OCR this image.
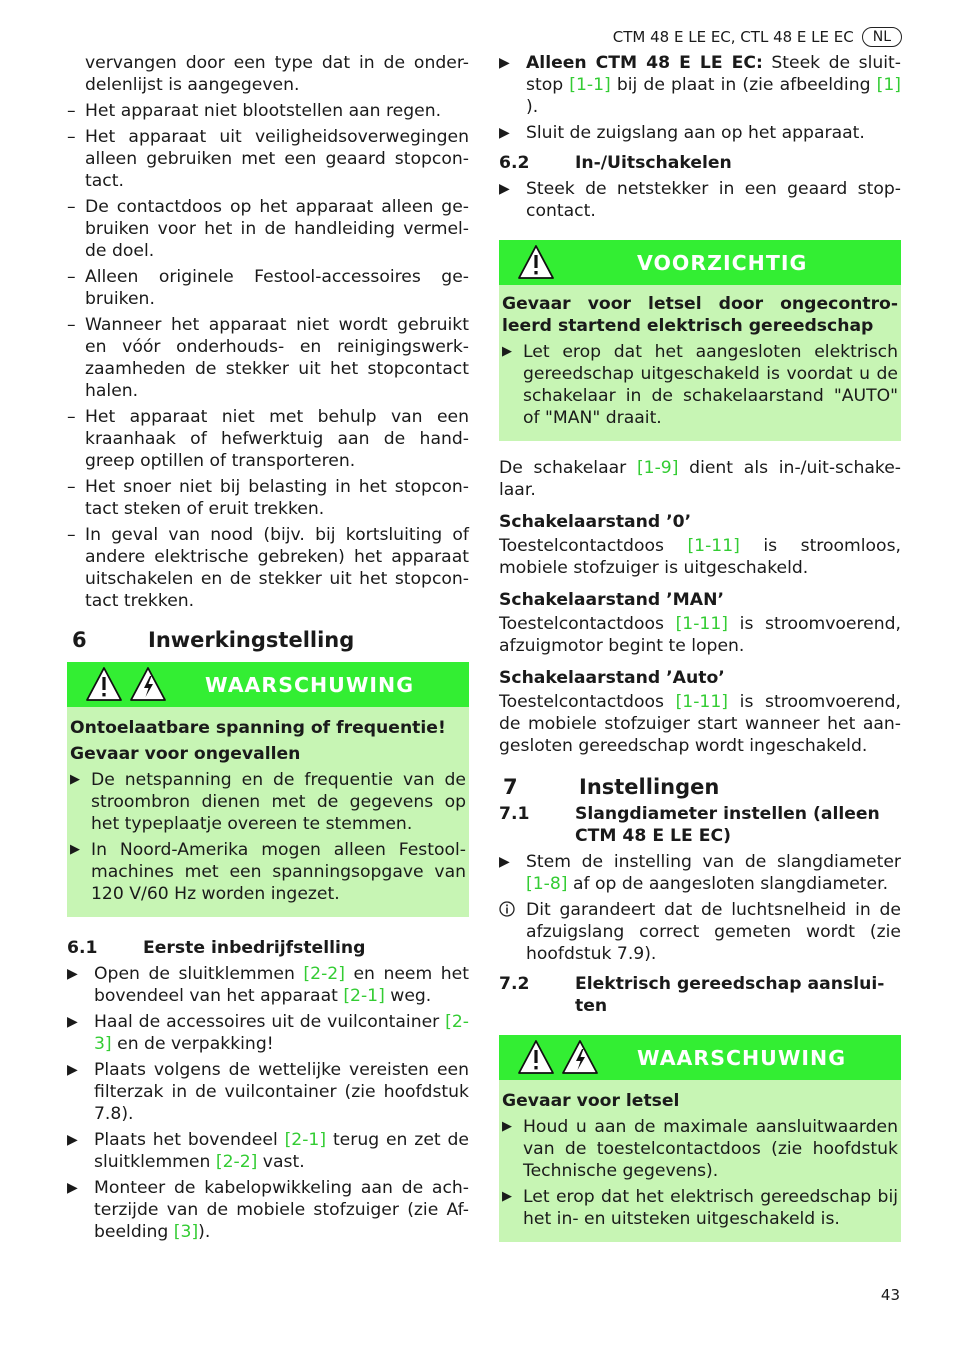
CTM 48 E LE EC, CTL 48 E LE EC	NL
vervangen door een type dat in de onder-delenlijst is aangegeven.
– Het apparaat niet blootstellen aan regen.
– Het apparaat uit veiligheidsoverwegingen alleen gebruiken met een geaard stopcon-tact.
– De contactdoos op het apparaat alleen ge-bruiken voor het in de handleiding vermel-de doel.
– Alleen originele Festool-accessoires ge-bruiken.
– Wanneer het apparaat niet wordt gebruikt en vóór onderhouds- en reinigingswerk-zaamheden de stekker uit het stopcontact halen.
– Het apparaat niet met behulp van een kraanhaak of hefwerktuig aan de hand-greep optillen of transporteren.
– Het snoer niet bij belasting in het stopcon-tact steken of eruit trekken.
– In geval van nood (bijv. bij kortsluiting of andere elektrische gebreken) het apparaat uitschakelen en de stekker uit het stopcon-tact trekken.
6	Inwerkingstelling
WAARSCHUWING
Ontoelaatbare spanning of frequentie!
Gevaar voor ongevallen
▶ De netspanning en de frequentie van de stroombron dienen met de gegevens op het typeplaatje overeen te stemmen.
▶ In Noord-Amerika mogen alleen Festool-machines met een spanningsopgave van 120 V/60 Hz worden ingezet.
6.1	Eerste inbedrijfstelling
▶ Open de sluitklemmen [2-2] en neem het bovendeel van het apparaat [2-1] weg.
▶ Haal de accessoires uit de vuilcontainer [2-3] en de verpakking!
▶ Plaats volgens de wettelijke vereisten een filterzak in de vuilcontainer (zie hoofdstuk 7.8).
▶ Plaats het bovendeel [2-1] terug en zet de sluitklemmen [2-2] vast.
▶ Monteer de kabelopwikkeling aan de ach-terzijde van de mobiele stofzuiger (zie Af-beelding [3]).
▶ Alleen CTM 48 E LE EC: Steek de sluit-stop [1-1] bij de plaat in (zie afbeelding [1] ).
▶ Sluit de zuigslang aan op het apparaat.
6.2	In-/Uitschakelen
▶ Steek de netstekker in een geaard stop-contact.
VOORZICHTIG
Gevaar voor letsel door ongecontro-leerd startend elektrisch gereedschap
▶ Let erop dat het aangesloten elektrisch gereedschap uitgeschakeld is voordat u de schakelaar in de schakelaarstand "AUTO" of "MAN" draait.

De schakelaar [1-9] dient als in-/uit-schake-laar.

Schakelaarstand ’0’

Toestelcontactdoos [1-11] is stroomloos, mobiele stofzuiger is uitgeschakeld.

Schakelaarstand ’MAN’

Toestelcontactdoos [1-11] is stroomvoerend, afzuigmotor begint te lopen.

Schakelaarstand ’Auto’

Toestelcontactdoos [1-11] is stroomvoerend, de mobiele stofzuiger start wanneer het aan-gesloten gereedschap wordt ingeschakeld.

7	Instellingen
7.1	Slangdiameter instellen (alleen CTM 48 E LE EC)
▶ Stem de instelling van de slangdiameter [1-8] af op de aangesloten slangdiameter.
Dit garandeert dat de luchtsnelheid in de afzuigslang correct gemeten wordt (zie hoofdstuk 7.9).
7.2	Elektrisch gereedschap aanslui-ten
WAARSCHUWING
Gevaar voor letsel
▶ Houd u aan de maximale aansluitwaarden van de toestelcontactdoos (zie hoofdstuk Technische gegevens).
▶ Let erop dat het elektrisch gereedschap bij het in- en uitsteken uitgeschakeld is.
43
